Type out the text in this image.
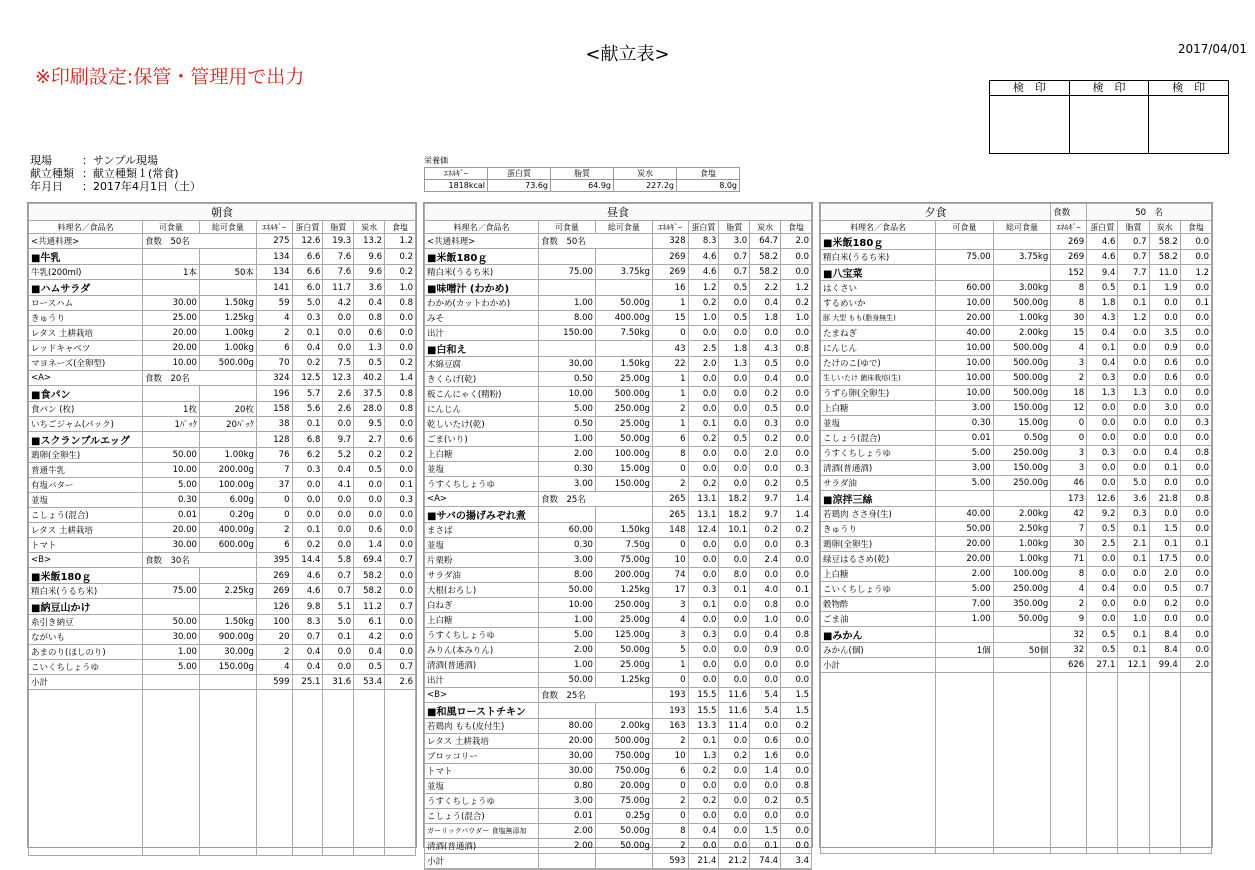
<献立表>	2017/04/01
※印刷設定:保管・管理用で出力	検　印	検　印	検　印
現場	：サンプル現場
献立種類 ：献立種類１(常食)
年月日	：2017年4月1日（土）
栄養価
ｴﾈﾙｷﾞｰ	蛋白質	脂質	炭水	食塩
1818kcal	73.6g	64.9g	227.2g	8.0g
朝食							
料理名／食品名	可食量	総可食量	ｴﾈﾙｷﾞｰ	蛋白質	脂質	炭水	食塩
<共通料理>	食数　50名		275	12.6	19.3	13.2	1.2
■牛乳			134	6.6	7.6	9.6	0.2
牛乳(200ml)	1本	50本	134	6.6	7.6	9.6	0.2
■ハムサラダ			141	6.0	11.7	3.6	1.0
ロースハム	30.00	1.50kg	59	5.0	4.2	0.4	0.8
きゅうり	25.00	1.25kg	4	0.3	0.0	0.8	0.0
レタス 土耕栽培	20.00	1.00kg	2	0.1	0.0	0.6	0.0
レッドキャベツ	20.00	1.00kg	6	0.4	0.0	1.3	0.0
マヨネーズ(全卵型)	10.00	500.00g	70	0.2	7.5	0.5	0.2
<A>	食数　20名		324	12.5	12.3	40.2	1.4
■食パン			196	5.7	2.6	37.5	0.8
食パン (枚)	1枚	20枚	158	5.6	2.6	28.0	0.8
いちごジャム(パック)	1ﾊﾟｯｸ	20ﾊﾟｯｸ	38	0.1	0.0	9.5	0.0
■スクランブルエッグ			128	6.8	9.7	2.7	0.6
鶏卵(全卵生)	50.00	1.00kg	76	6.2	5.2	0.2	0.2
普通牛乳	10.00	200.00g	7	0.3	0.4	0.5	0.0
有塩バター	5.00	100.00g	37	0.0	4.1	0.0	0.1
並塩	0.30	6.00g	0	0.0	0.0	0.0	0.3
こしょう(混合)	0.01	0.20g	0	0.0	0.0	0.0	0.0
レタス 土耕栽培	20.00	400.00g	2	0.1	0.0	0.6	0.0
トマト	30.00	600.00g	6	0.2	0.0	1.4	0.0
<B>	食数　30名		395	14.4	5.8	69.4	0.7
■米飯180ｇ			269	4.6	0.7	58.2	0.0
精白米(うるち米)	75.00	2.25kg	269	4.6	0.7	58.2	0.0
■納豆山かけ			126	9.8	5.1	11.2	0.7
糸引き納豆	50.00	1.50kg	100	8.3	5.0	6.1	0.0
ながいも	30.00	900.00g	20	0.7	0.1	4.2	0.0
あまのり(ほしのり)	1.00	30.00g	2	0.4	0.0	0.4	0.0
こいくちしょうゆ	5.00	150.00g	4	0.4	0.0	0.5	0.7
小計			599	25.1	31.6	53.4	2.6

昼食							
料理名／食品名	可食量	総可食量	ｴﾈﾙｷﾞｰ	蛋白質	脂質	炭水	食塩
<共通料理>	食数　50名		328	8.3	3.0	64.7	2.0
■米飯180ｇ			269	4.6	0.7	58.2	0.0
精白米(うるち米)	75.00	3.75kg	269	4.6	0.7	58.2	0.0
■味噌汁 (わかめ)			16	1.2	0.5	2.2	1.2
わかめ(カットわかめ)	1.00	50.00g	1	0.2	0.0	0.4	0.2
みそ	8.00	400.00g	15	1.0	0.5	1.8	1.0
出汁	150.00	7.50kg	0	0.0	0.0	0.0	0.0
■白和え			43	2.5	1.8	4.3	0.8
木綿豆腐	30.00	1.50kg	22	2.0	1.3	0.5	0.0
きくらげ(乾)	0.50	25.00g	1	0.0	0.0	0.4	0.0
板こんにゃく(精粉)	10.00	500.00g	1	0.0	0.0	0.2	0.0
にんじん	5.00	250.00g	2	0.0	0.0	0.5	0.0
乾しいたけ(乾)	0.50	25.00g	1	0.1	0.0	0.3	0.0
ごま(いり)	1.00	50.00g	6	0.2	0.5	0.2	0.0
上白糖	2.00	100.00g	8	0.0	0.0	2.0	0.0
並塩	0.30	15.00g	0	0.0	0.0	0.0	0.3
うすくちしょうゆ	3.00	150.00g	2	0.2	0.0	0.2	0.5
<A>	食数　25名		265	13.1	18.2	9.7	1.4
■サバの揚げみぞれ煮			265	13.1	18.2	9.7	1.4
まさば	60.00	1.50kg	148	12.4	10.1	0.2	0.2
並塩	0.30	7.50g	0	0.0	0.0	0.0	0.3
片栗粉	3.00	75.00g	10	0.0	0.0	2.4	0.0
サラダ油	8.00	200.00g	74	0.0	8.0	0.0	0.0
大根(おろし)	50.00	1.25kg	17	0.3	0.1	4.0	0.1
白ねぎ	10.00	250.00g	3	0.1	0.0	0.8	0.0
上白糖	1.00	25.00g	4	0.0	0.0	1.0	0.0
うすくちしょうゆ	5.00	125.00g	3	0.3	0.0	0.4	0.8
みりん(本みりん)	2.00	50.00g	5	0.0	0.0	0.9	0.0
清酒(普通酒)	1.00	25.00g	1	0.0	0.0	0.0	0.0
出汁	50.00	1.25kg	0	0.0	0.0	0.0	0.0
<B>	食数　25名		193	15.5	11.6	5.4	1.5
■和風ローストチキン			193	15.5	11.6	5.4	1.5
若鶏肉 もも(皮付生)	80.00	2.00kg	163	13.3	11.4	0.0	0.2
レタス 土耕栽培	20.00	500.00g	2	0.1	0.0	0.6	0.0
ブロッコリー	30.00	750.00g	10	1.3	0.2	1.6	0.0
トマト	30.00	750.00g	6	0.2	0.0	1.4	0.0
並塩	0.80	20.00g	0	0.0	0.0	0.0	0.8
うすくちしょうゆ	3.00	75.00g	2	0.2	0.0	0.2	0.5
こしょう(混合)	0.01	0.25g	0	0.0	0.0	0.0	0.0
ガーリックパウダー 食塩無添加	2.00	50.00g	8	0.4	0.0	1.5	0.0
清酒(普通酒)	2.00	50.00g	2	0.0	0.0	0.1	0.0
小計			593	21.4	21.2	74.4	3.4

夕食			食数	50　名			
料理名／食品名	可食量	総可食量	ｴﾈﾙｷﾞｰ	蛋白質	脂質	炭水	食塩
■米飯180ｇ			269	4.6	0.7	58.2	0.0
精白米(うるち米)	75.00	3.75kg	269	4.6	0.7	58.2	0.0
■八宝菜			152	9.4	7.7	11.0	1.2
はくさい	60.00	3.00kg	8	0.5	0.1	1.9	0.0
するめいか	10.00	500.00g	8	1.8	0.1	0.0	0.1
豚 大型 もも(脂身無生)	20.00	1.00kg	30	4.3	1.2	0.0	0.0
たまねぎ	40.00	2.00kg	15	0.4	0.0	3.5	0.0
にんじん	10.00	500.00g	4	0.1	0.0	0.9	0.0
たけのこ(ゆで)	10.00	500.00g	3	0.4	0.0	0.6	0.0
生しいたけ 菌床栽培(生)	10.00	500.00g	2	0.3	0.0	0.6	0.0
うずら卵(全卵生)	10.00	500.00g	18	1.3	1.3	0.0	0.0
上白糖	3.00	150.00g	12	0.0	0.0	3.0	0.0
並塩	0.30	15.00g	0	0.0	0.0	0.0	0.3
こしょう(混合)	0.01	0.50g	0	0.0	0.0	0.0	0.0
うすくちしょうゆ	5.00	250.00g	3	0.3	0.0	0.4	0.8
清酒(普通酒)	3.00	150.00g	3	0.0	0.0	0.1	0.0
サラダ油	5.00	250.00g	46	0.0	5.0	0.0	0.0
■涼拌三絲			173	12.6	3.6	21.8	0.8
若鶏肉 ささ身(生)	40.00	2.00kg	42	9.2	0.3	0.0	0.0
きゅうり	50.00	2.50kg	7	0.5	0.1	1.5	0.0
鶏卵(全卵生)	20.00	1.00kg	30	2.5	2.1	0.1	0.1
緑豆はるさめ(乾)	20.00	1.00kg	71	0.0	0.1	17.5	0.0
上白糖	2.00	100.00g	8	0.0	0.0	2.0	0.0
こいくちしょうゆ	5.00	250.00g	4	0.4	0.0	0.5	0.7
穀物酢	7.00	350.00g	2	0.0	0.0	0.2	0.0
ごま油	1.00	50.00g	9	0.0	1.0	0.0	0.0
■みかん			32	0.5	0.1	8.4	0.0
みかん(個)	1個	50個	32	0.5	0.1	8.4	0.0
小計			626	27.1	12.1	99.4	2.0
